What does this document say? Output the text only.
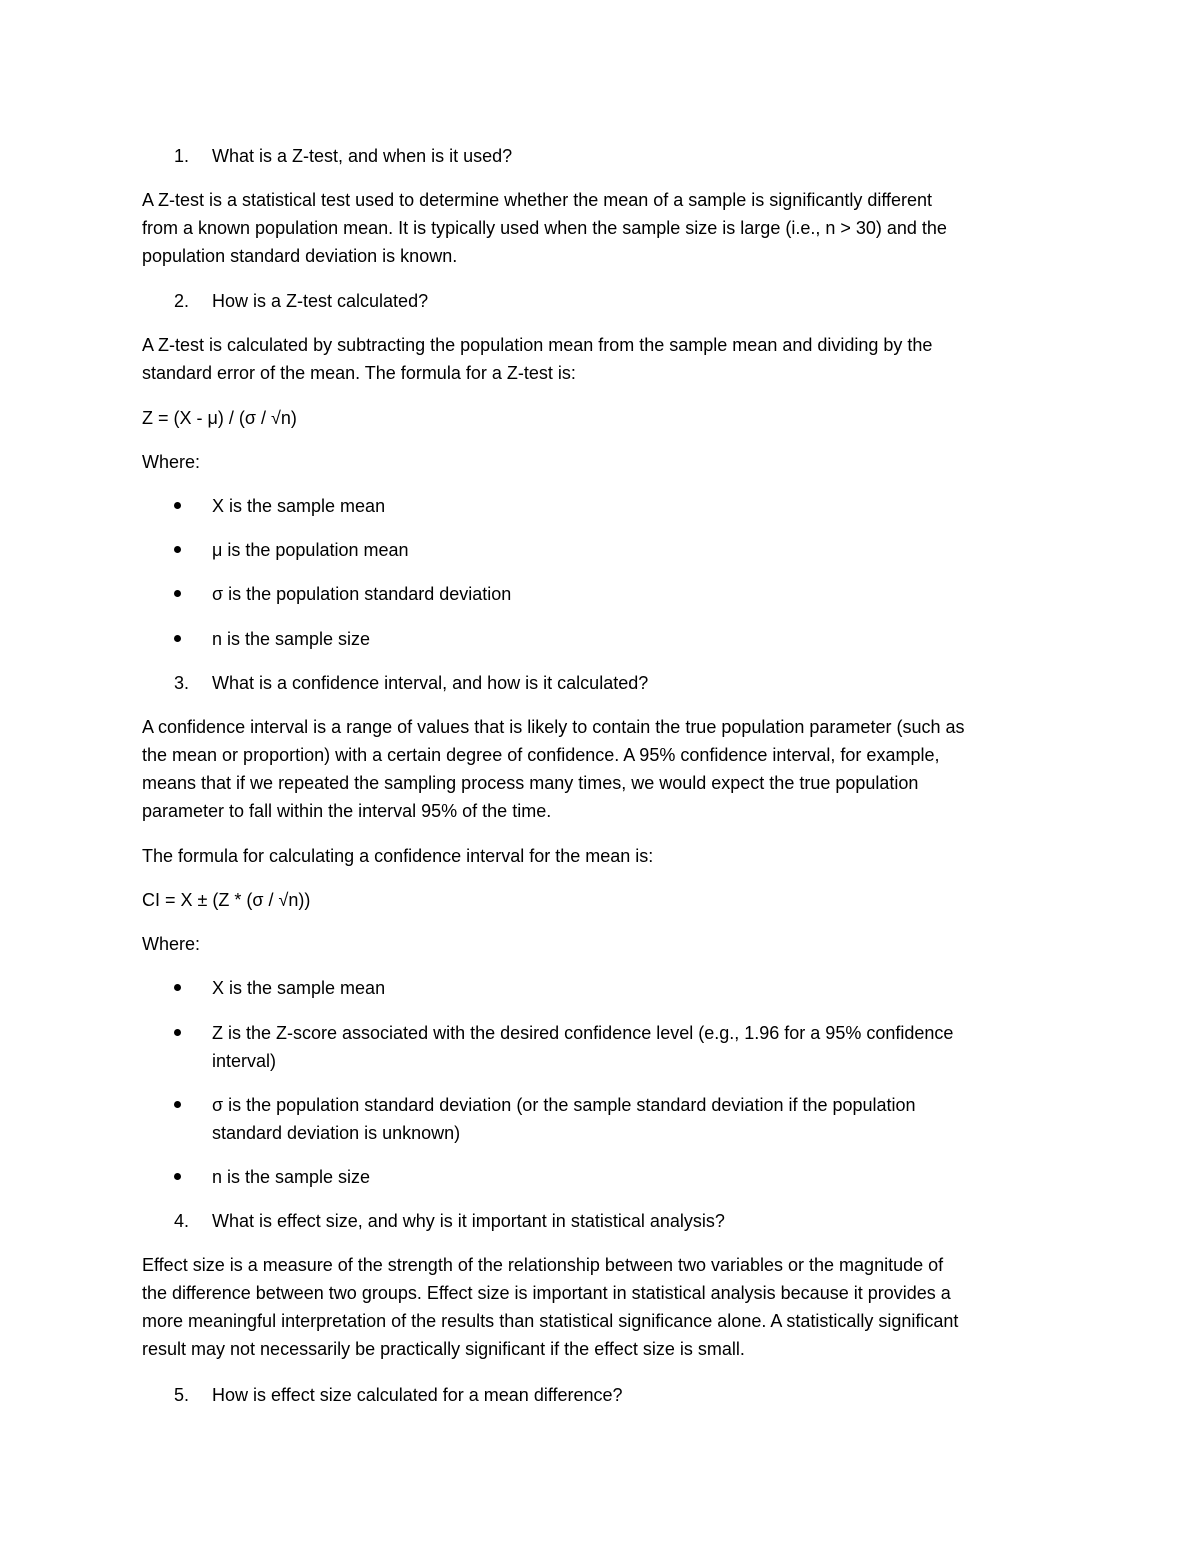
1. What is a Z-test, and when is it used?
A Z-test is a statistical test used to determine whether the mean of a sample is significantly different
from a known population mean. It is typically used when the sample size is large (i.e., n > 30) and the
population standard deviation is known.
2. How is a Z-test calculated?
A Z-test is calculated by subtracting the population mean from the sample mean and dividing by the
standard error of the mean. The formula for a Z-test is:
Z = (X - μ) / (σ / √n)
Where:
X is the sample mean
μ is the population mean
σ is the population standard deviation
n is the sample size
3. What is a confidence interval, and how is it calculated?
A confidence interval is a range of values that is likely to contain the true population parameter (such as
the mean or proportion) with a certain degree of confidence. A 95% confidence interval, for example,
means that if we repeated the sampling process many times, we would expect the true population
parameter to fall within the interval 95% of the time.
The formula for calculating a confidence interval for the mean is:
CI = X ± (Z * (σ / √n))
Where:
X is the sample mean
Z is the Z-score associated with the desired confidence level (e.g., 1.96 for a 95% confidence
interval)
σ is the population standard deviation (or the sample standard deviation if the population
standard deviation is unknown)
n is the sample size
4. What is effect size, and why is it important in statistical analysis?
Effect size is a measure of the strength of the relationship between two variables or the magnitude of
the difference between two groups. Effect size is important in statistical analysis because it provides a
more meaningful interpretation of the results than statistical significance alone. A statistically significant
result may not necessarily be practically significant if the effect size is small.
5. How is effect size calculated for a mean difference?
